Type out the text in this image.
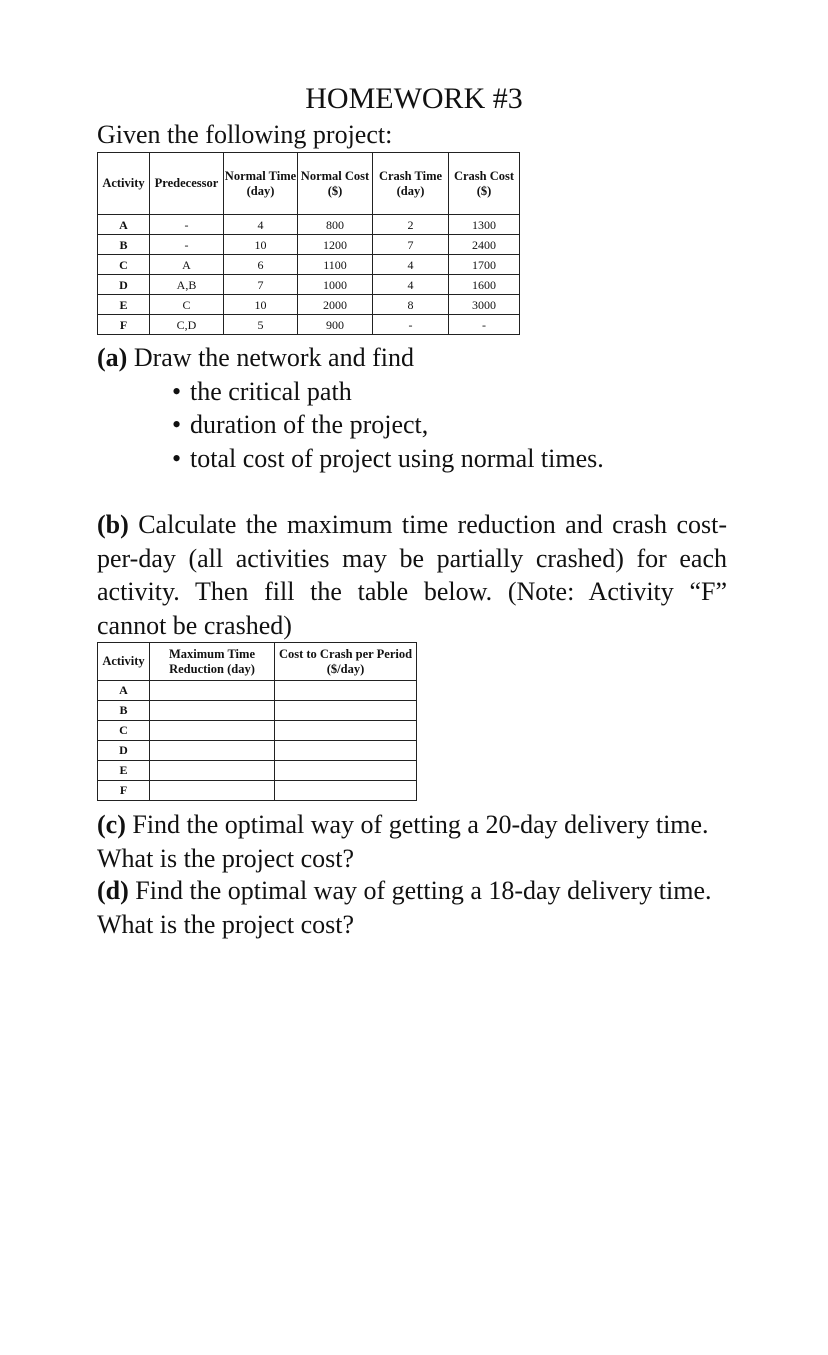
HOMEWORK #3
Given the following project:
Activity	Predecessor	Normal Time (day)	Normal Cost ($)	Crash Time (day)	Crash Cost ($)
A	-	4	800	2	1300
B	-	10	1200	7	2400
C	A	6	1100	4	1700
D	A,B	7	1000	4	1600
E	C	10	2000	8	3000
F	C,D	5	900	-	-
(a) Draw the network and find
• the critical path
• duration of the project,
• total cost of project using normal times.
(b) Calculate the maximum time reduction and crash cost-per-day (all activities may be partially crashed) for each activity. Then fill the table below. (Note: Activity “F” cannot be crashed)
Activity	Maximum Time Reduction (day)	Cost to Crash per Period ($/day)
A		
B		
C		
D		
E		
F		
(c) Find the optimal way of getting a 20-day delivery time. What is the project cost?
(d) Find the optimal way of getting a 18-day delivery time. What is the project cost?
